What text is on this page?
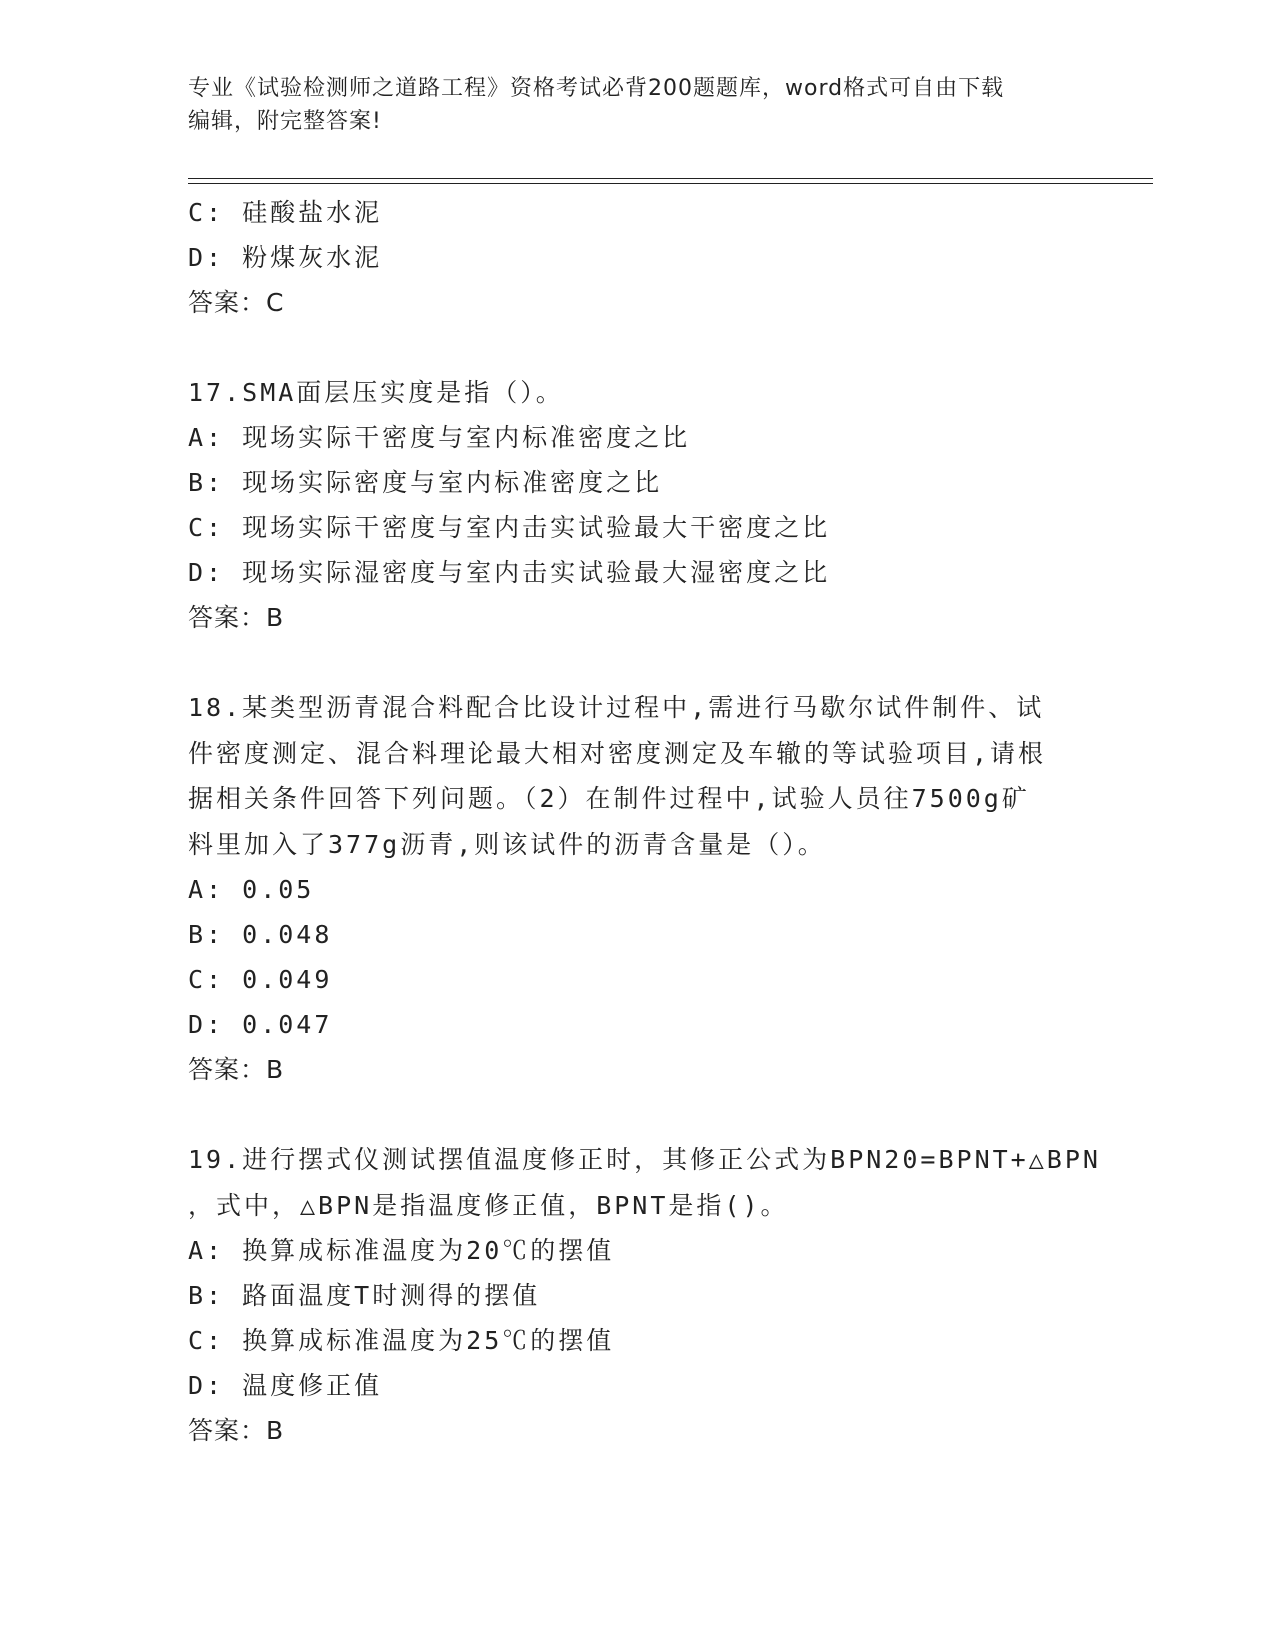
专业《试验检测师之道路工程》资格考试必背200题题库，word格式可自由下载
编辑，附完整答案!
C: 硅酸盐水泥
D: 粉煤灰水泥
答案：C
17.SMA面层压实度是指（）。
A: 现场实际干密度与室内标准密度之比
B: 现场实际密度与室内标准密度之比
C: 现场实际干密度与室内击实试验最大干密度之比
D: 现场实际湿密度与室内击实试验最大湿密度之比
答案：B
18.某类型沥青混合料配合比设计过程中,需进行马歇尔试件制件、试
件密度测定、混合料理论最大相对密度测定及车辙的等试验项目,请根
据相关条件回答下列问题。（2）在制件过程中,试验人员往7500g矿
料里加入了377g沥青,则该试件的沥青含量是（）。
A: 0.05
B: 0.048
C: 0.049
D: 0.047
答案：B
19.进行摆式仪测试摆值温度修正时，其修正公式为BPN20=BPNT+△BPN
，式中，△BPN是指温度修正值，BPNT是指()。
A: 换算成标准温度为20℃的摆值
B: 路面温度T时测得的摆值
C: 换算成标准温度为25℃的摆值
D: 温度修正值
答案：B
